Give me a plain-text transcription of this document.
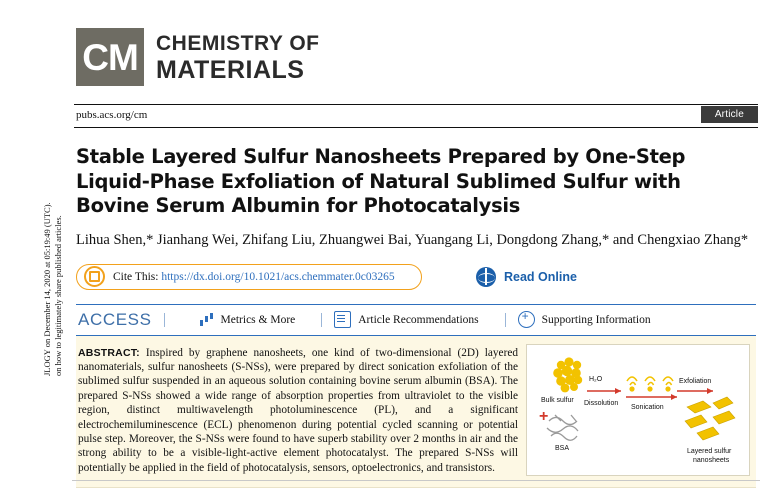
JLOGY on December 14, 2020 at 05:19:49 (UTC). on how to legitimately share published articles.
CM CHEMISTRY OF
MATERIALS
pubs.acs.org/cm	Article
Stable Layered Sulfur Nanosheets Prepared by One-Step Liquid-Phase Exfoliation of Natural Sublimed Sulfur with Bovine Serum Albumin for Photocatalysis
Lihua Shen,* Jianhang Wei, Zhifang Liu, Zhuangwei Bai, Yuangang Li, Dongdong Zhang,* and Chengxiao Zhang*
Cite This: https://dx.doi.org/10.1021/acs.chemmater.0c03265	Read Online
ACCESS	Metrics & More	Article Recommendations +	Supporting Information
ABSTRACT: Inspired by graphene nanosheets, one kind of two-dimensional (2D) layered nanomaterials, sulfur nanosheets (S-NSs), were prepared by direct sonication exfoliation of the sublimed sulfur suspended in an aqueous solution containing bovine serum albumin (BSA). The prepared S-NSs showed a wide range of absorption properties from ultraviolet to the visible region, distinct multiwavelength photoluminescence (PL), and a significant electrochemiluminescence (ECL) phenomenon during potential cycled scanning or potential pulse step. Moreover, the S-NSs were found to have superb stability over 2 months in air and the strong ability to be a visible-light-active element photocatalyst. The prepared S-NSs will potentially be applied in the field of photocatalysis, sensors, optoelectronics, and transistors.
Bulk sulfur
+
BSA
H₂O
Dissolution
Sonication
Exfoliation
Layered sulfur
nanosheets
